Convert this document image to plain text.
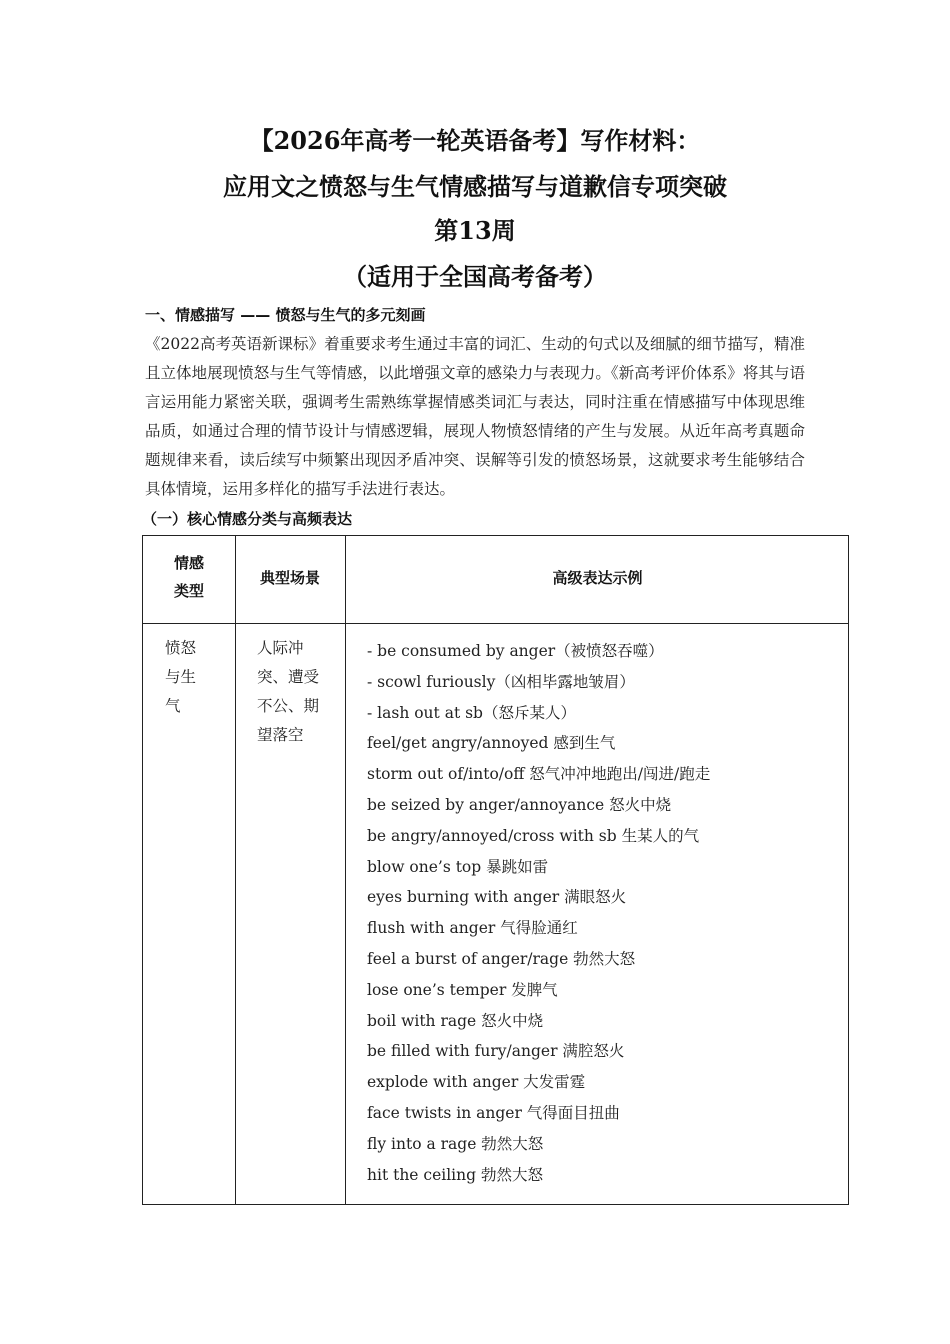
【2026年高考一轮英语备考】写作材料：
应用文之愤怒与生气情感描写与道歉信专项突破
第13周
（适用于全国高考备考）
一、情感描写 —— 愤怒与生气的多元刻画
《2022高考英语新课标》着重要求考生通过丰富的词汇、生动的句式以及细腻的细节描写，精准且立体地展现愤怒与生气等情感，以此增强文章的感染力与表现力。《新高考评价体系》将其与语言运用能力紧密关联，强调考生需熟练掌握情感类词汇与表达，同时注重在情感描写中体现思维品质，如通过合理的情节设计与情感逻辑，展现人物愤怒情绪的产生与发展。从近年高考真题命题规律来看，读后续写中频繁出现因矛盾冲突、误解等引发的愤怒场景，这就要求考生能够结合具体情境，运用多样化的描写手法进行表达。
（一）核心情感分类与高频表达
情感
类型
典型场景	高级表达示例
愤怒
与生
气
人际冲
突、遭受
不公、期
望落空
- be consumed by anger（被愤怒吞噬）
- scowl furiously（凶相毕露地皱眉）
- lash out at sb（怒斥某人）
feel/get angry/annoyed 感到生气
storm out of/into/off 怒气冲冲地跑出/闯进/跑走
be seized by anger/annoyance 怒火中烧
be angry/annoyed/cross with sb 生某人的气
blow one’s top 暴跳如雷
eyes burning with anger 满眼怒火
flush with anger 气得脸通红
feel a burst of anger/rage 勃然大怒
lose one’s temper 发脾气
boil with rage 怒火中烧
be filled with fury/anger 满腔怒火
explode with anger 大发雷霆
face twists in anger 气得面目扭曲
fly into a rage 勃然大怒
hit the ceiling 勃然大怒
